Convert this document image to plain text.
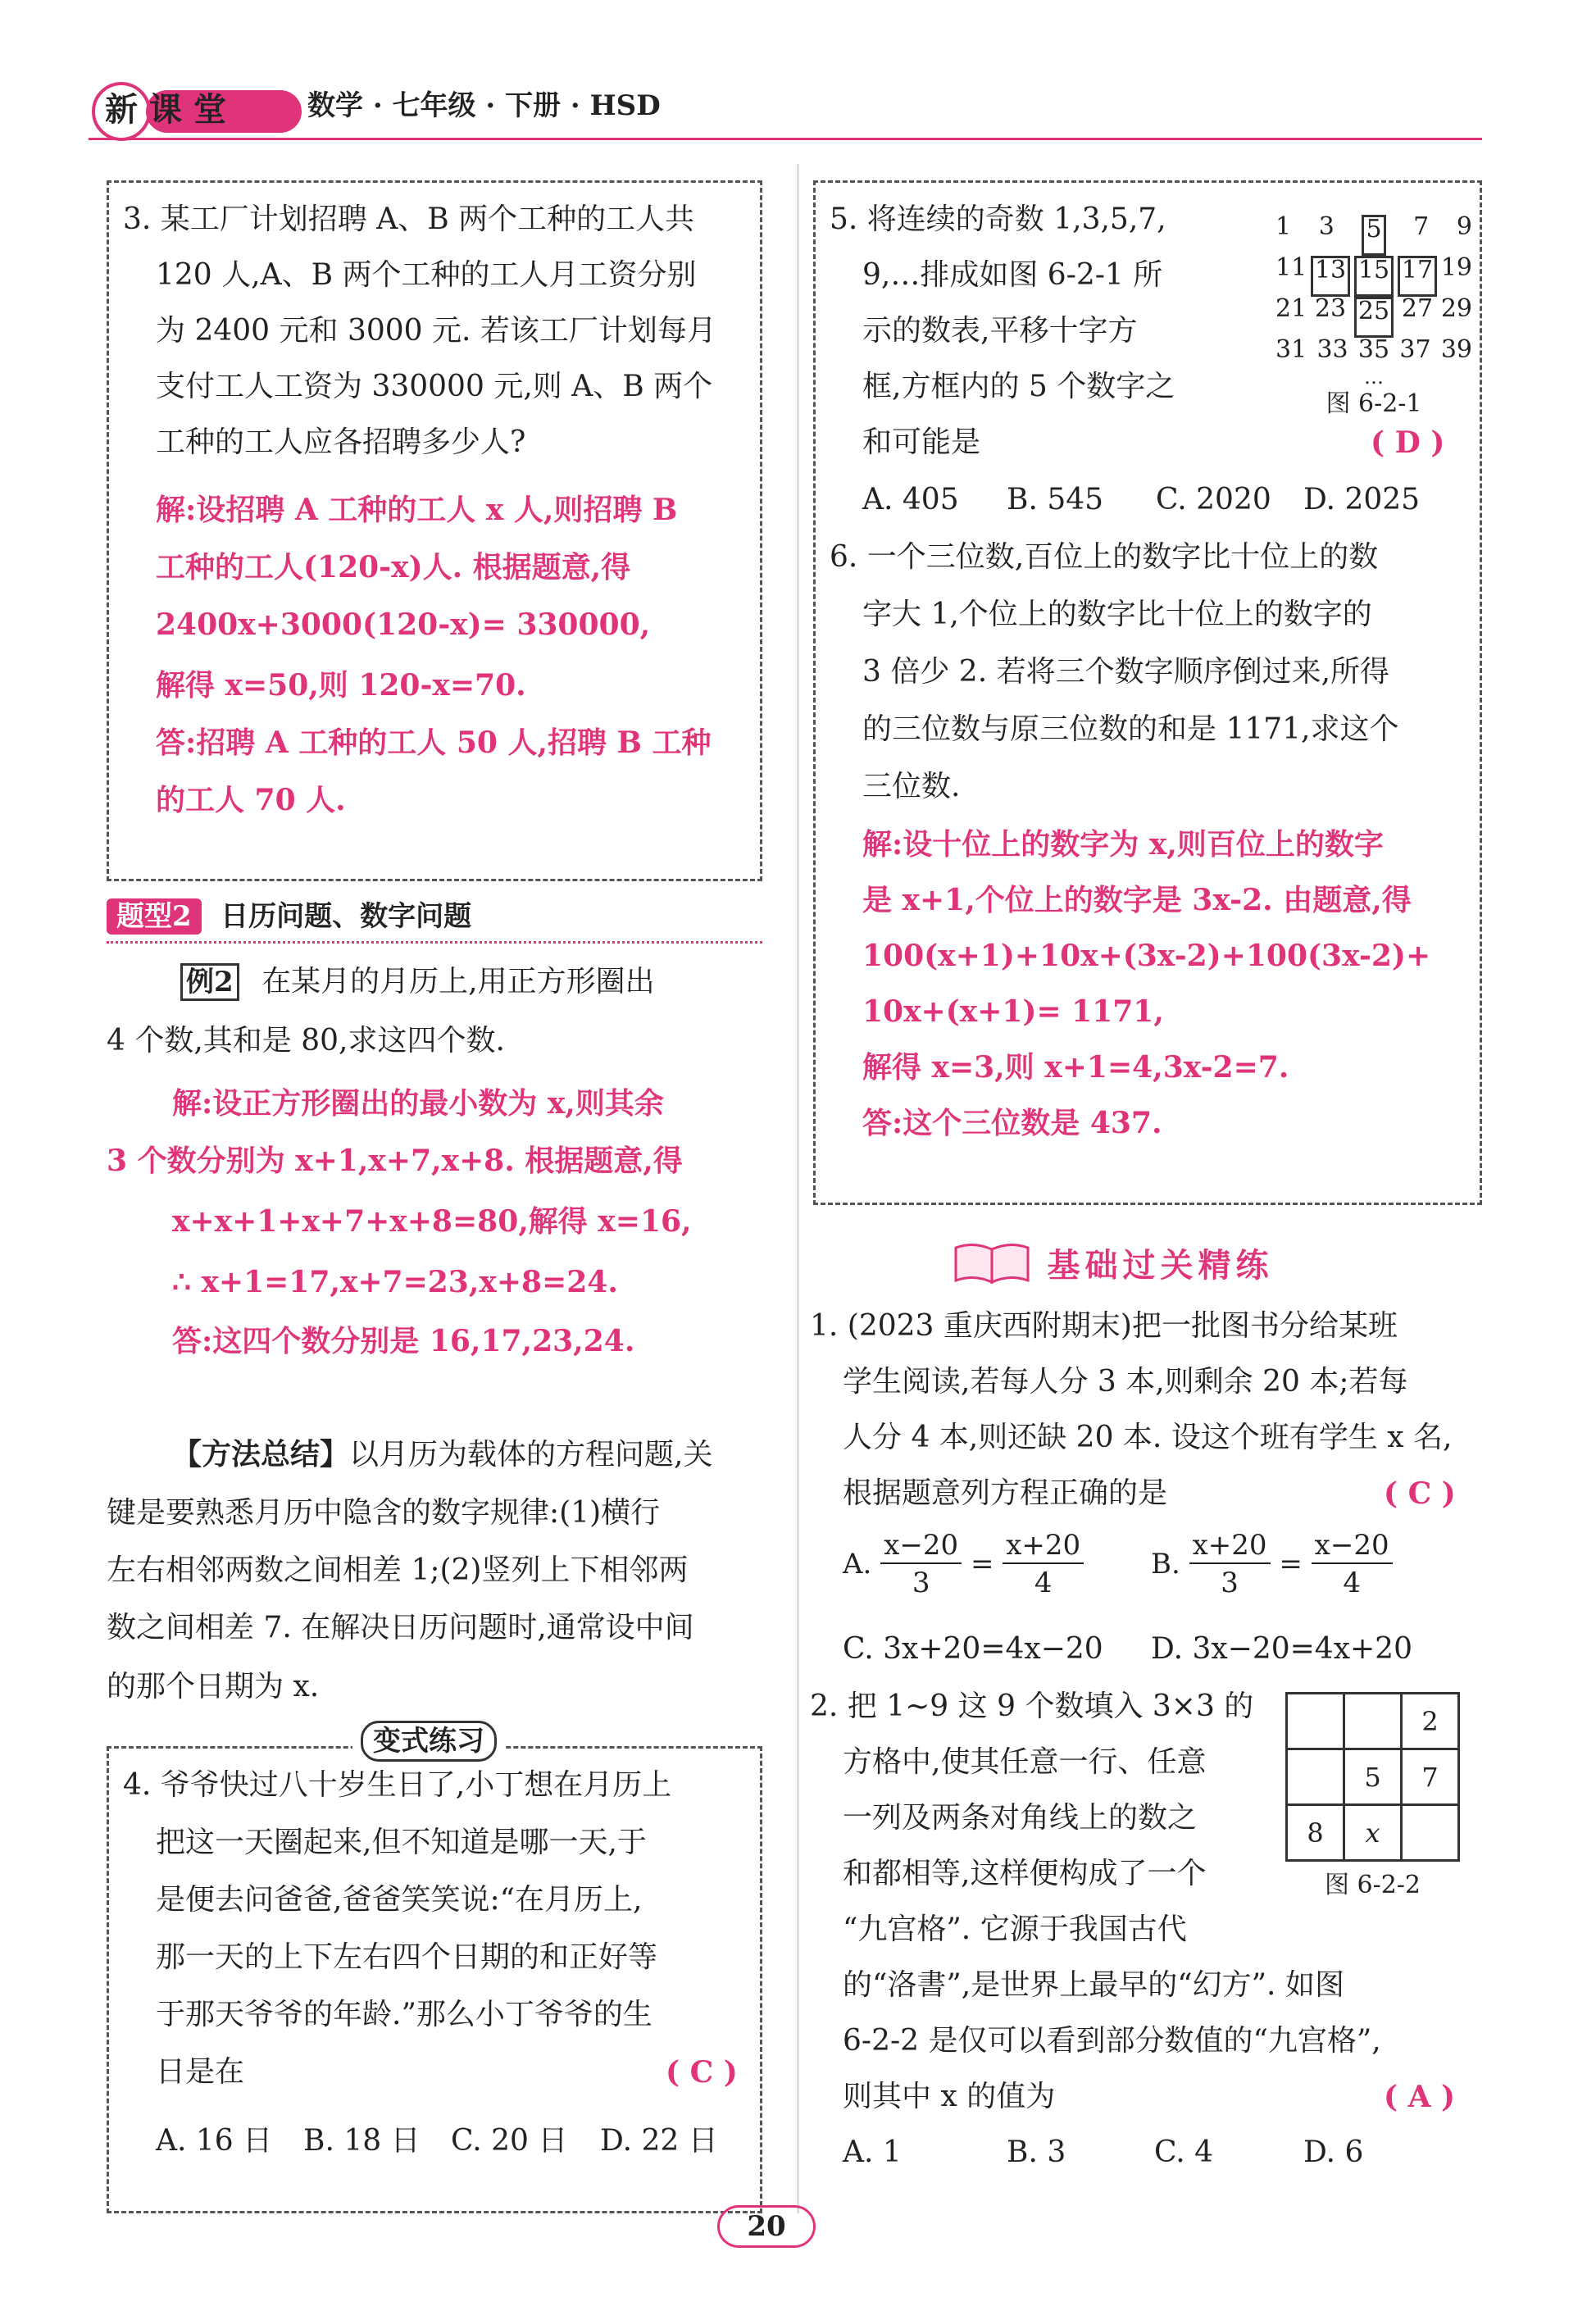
新课堂	数学 · 七年级 · 下册 · HSD
3. 某工厂计划招聘 A、B 两个工种的工人共
120 人,A、B 两个工种的工人月工资分别
为 2400 元和 3000 元. 若该工厂计划每月
支付工人工资为 330000 元,则 A、B 两个
工种的工人应各招聘多少人?
解:设招聘 A 工种的工人 x 人,则招聘 B
工种的工人(120-x)人. 根据题意,得
2400x+3000(120-x)= 330000,
解得 x=50,则 120-x=70.
答:招聘 A 工种的工人 50 人,招聘 B 工种
的工人 70 人.
题型2 日历问题、数字问题
例2 在某月的月历上,用正方形圈出
4 个数,其和是 80,求这四个数.
解:设正方形圈出的最小数为 x,则其余
3 个数分别为 x+1,x+7,x+8. 根据题意,得
x+x+1+x+7+x+8=80,解得 x=16,
∴ x+1=17,x+7=23,x+8=24.
答:这四个数分别是 16,17,23,24.
【方法总结】以月历为载体的方程问题,关
键是要熟悉月历中隐含的数字规律:(1)横行
左右相邻两数之间相差 1;(2)竖列上下相邻两
数之间相差 7. 在解决日历问题时,通常设中间
的那个日期为 x.
变式练习
4. 爷爷快过八十岁生日了,小丁想在月历上
把这一天圈起来,但不知道是哪一天,于
是便去问爸爸,爸爸笑笑说:“在月历上,
那一天的上下左右四个日期的和正好等
于那天爷爷的年龄.”那么小丁爷爷的生
日是在	( C )
A. 16 日 B. 18 日 C. 20 日 D. 22 日
5. 将连续的奇数 1,3,5,7,
9,…排成如图 6-2-1 所
示的数表,平移十字方
框,方框内的 5 个数字之
和可能是	( D )
1 3 5 7 9
11 13 15 17 19
21 23 25 27 29
31 33 35 37 39
…
图 6-2-1
A. 405 B. 545 C. 2020 D. 2025
6. 一个三位数,百位上的数字比十位上的数
字大 1,个位上的数字比十位上的数字的
3 倍少 2. 若将三个数字顺序倒过来,所得
的三位数与原三位数的和是 1171,求这个
三位数.
解:设十位上的数字为 x,则百位上的数字
是 x+1,个位上的数字是 3x-2. 由题意,得
100(x+1)+10x+(3x-2)+100(3x-2)+
10x+(x+1)= 1171,
解得 x=3,则 x+1=4,3x-2=7.
答:这个三位数是 437.
基础过关精练
1. (2023 重庆西附期末)把一批图书分给某班
学生阅读,若每人分 3 本,则剩余 20 本;若每
人分 4 本,则还缺 20 本. 设这个班有学生 x 名,
根据题意列方程正确的是	( C )
A. $\frac{x-20}{3} = \frac{x+20}{4} B$. $\frac{x+20}{3} = \frac{x-20}{4}$
C. 3x+20=4x−20 D. 3x−20=4x+20
2. 把 1~9 这 9 个数填入 3×3 的
方格中,使其任意一行、任意
一列及两条对角线上的数之
和都相等,这样便构成了一个
“九宫格”. 它源于我国古代
的“洛書”,是世界上最早的“幻方”. 如图
6-2-2 是仅可以看到部分数值的“九宫格”,
则其中 x 的值为	( A )
		2
	5	7
8	x	
图 6-2-2
A. 1	B. 3	C. 4	D. 6
20
